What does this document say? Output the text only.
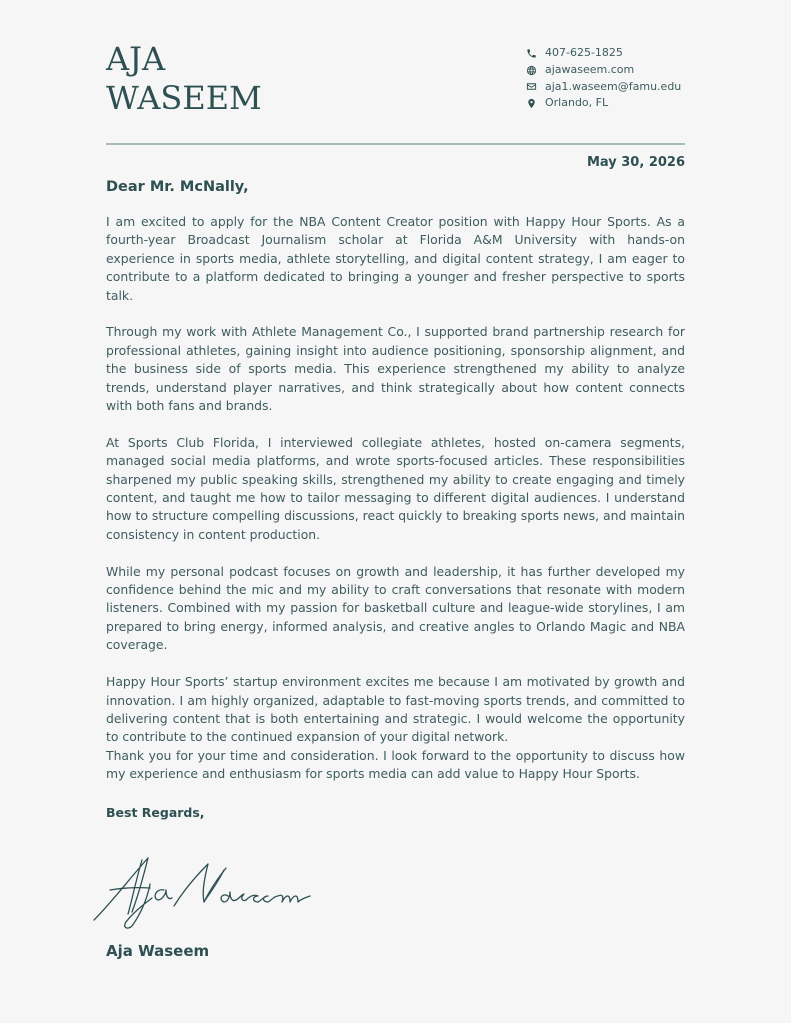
AJA
WASEEM
407-625-1825
ajawaseem.com
aja1.waseem@famu.edu
Orlando, FL
May 30, 2026
Dear Mr. McNally,

I am excited to apply for the NBA Content Creator position with Happy Hour Sports. As a fourth-year Broadcast Journalism scholar at Florida A&M University with hands-on experience in sports media, athlete storytelling, and digital content strategy, I am eager to contribute to a platform dedicated to bringing a younger and fresher perspective to sports talk.

Through my work with Athlete Management Co., I supported brand partnership research for professional athletes, gaining insight into audience positioning, sponsorship alignment, and the business side of sports media. This experience strengthened my ability to analyze trends, understand player narratives, and think strategically about how content connects with both fans and brands.

At Sports Club Florida, I interviewed collegiate athletes, hosted on-camera segments, managed social media platforms, and wrote sports-focused articles. These responsibilities sharpened my public speaking skills, strengthened my ability to create engaging and timely content, and taught me how to tailor messaging to different digital audiences. I understand how to structure compelling discussions, react quickly to breaking sports news, and maintain consistency in content production.

While my personal podcast focuses on growth and leadership, it has further developed my confidence behind the mic and my ability to craft conversations that resonate with modern listeners. Combined with my passion for basketball culture and league-wide storylines, I am prepared to bring energy, informed analysis, and creative angles to Orlando Magic and NBA coverage.

Happy Hour Sports’ startup environment excites me because I am motivated by growth and innovation. I am highly organized, adaptable to fast-moving sports trends, and committed to delivering content that is both entertaining and strategic. I would welcome the opportunity to contribute to the continued expansion of your digital network.

Thank you for your time and consideration. I look forward to the opportunity to discuss how my experience and enthusiasm for sports media can add value to Happy Hour Sports.

Best Regards,
Aja Waseem
